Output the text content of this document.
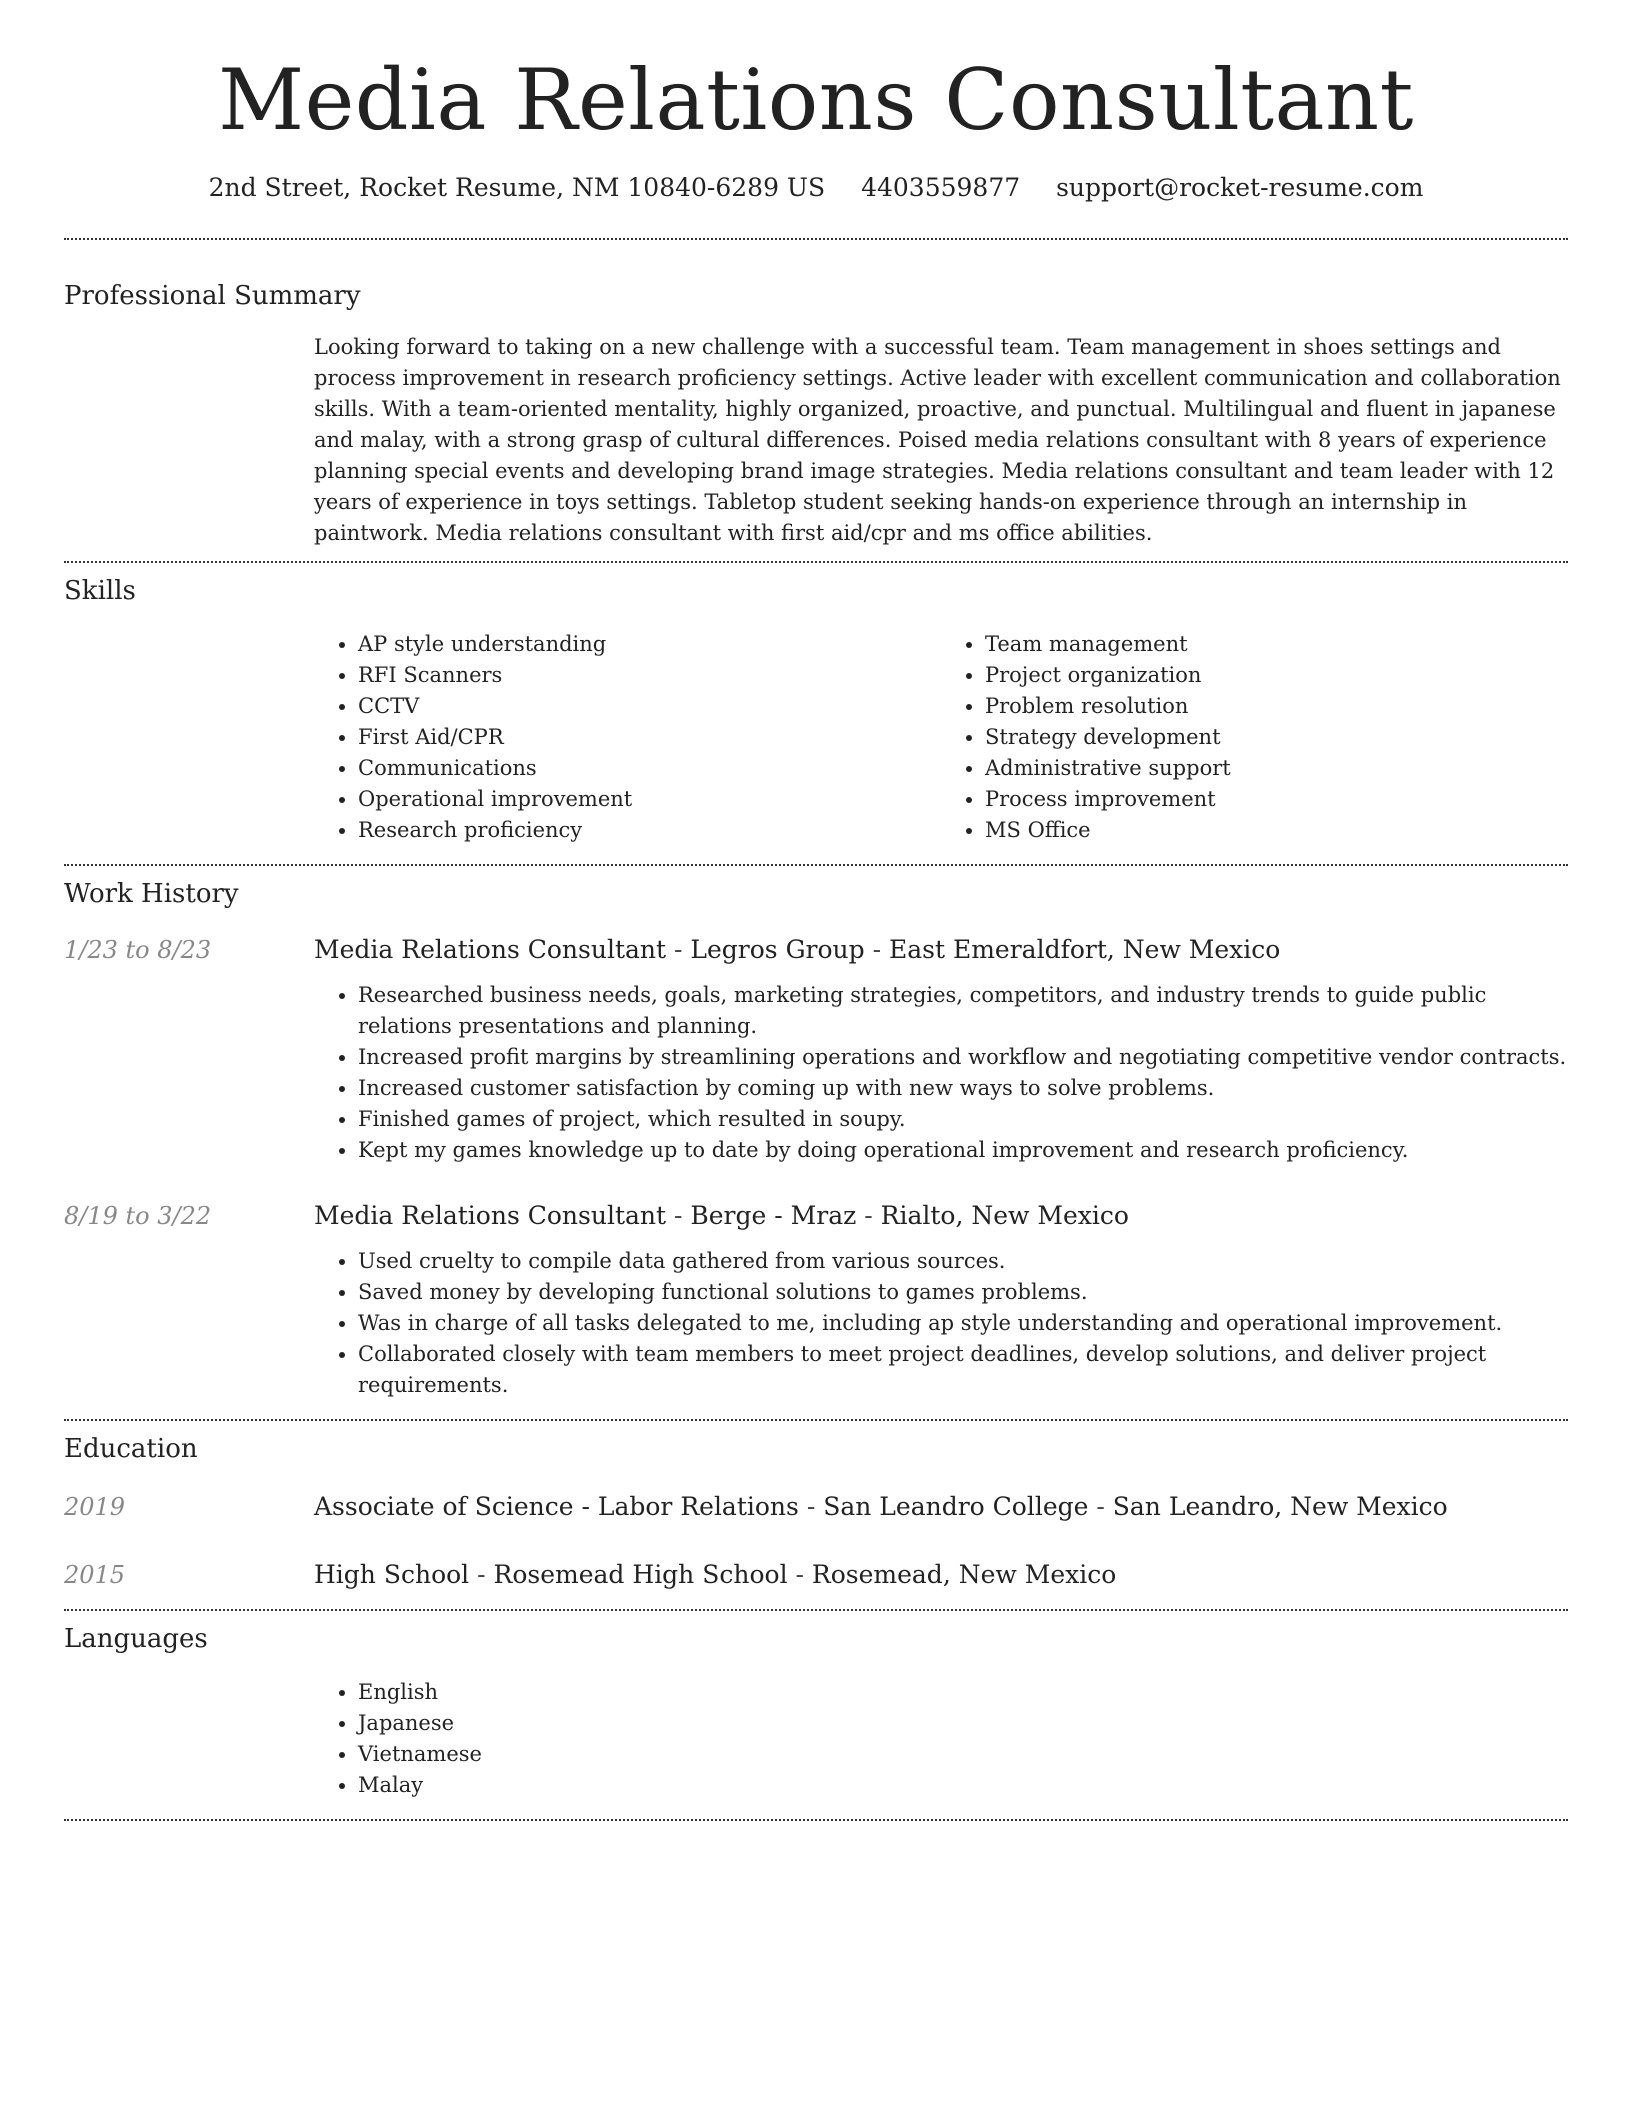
Media Relations Consultant
2nd Street, Rocket Resume, NM 10840-6289 US 4403559877 support@rocket-resume.com
Professional Summary

Looking forward to taking on a new challenge with a successful team. Team management in shoes settings and process improvement in research proficiency settings. Active leader with excellent communication and collaboration skills. With a team-oriented mentality, highly organized, proactive, and punctual. Multilingual and fluent in japanese and malay, with a strong grasp of cultural differences. Poised media relations consultant with 8 years of experience planning special events and developing brand image strategies. Media relations consultant and team leader with 12 years of experience in toys settings. Tabletop student seeking hands-on experience through an internship in paintwork. Media relations consultant with first aid/cpr and ms office abilities.

Skills
• AP style understanding
• RFI Scanners
• CCTV
• First Aid/CPR
• Communications
• Operational improvement
• Research proficiency
• Team management
• Project organization
• Problem resolution
• Strategy development
• Administrative support
• Process improvement
• MS Office
Work History
1/23 to 8/23	Media Relations Consultant - Legros Group - East Emeraldfort, New Mexico
• Researched business needs, goals, marketing strategies, competitors, and industry trends to guide public relations presentations and planning.
• Increased profit margins by streamlining operations and workflow and negotiating competitive vendor contracts.
• Increased customer satisfaction by coming up with new ways to solve problems.
• Finished games of project, which resulted in soupy.
• Kept my games knowledge up to date by doing operational improvement and research proficiency.
8/19 to 3/22	Media Relations Consultant - Berge - Mraz - Rialto, New Mexico
• Used cruelty to compile data gathered from various sources.
• Saved money by developing functional solutions to games problems.
• Was in charge of all tasks delegated to me, including ap style understanding and operational improvement.
• Collaborated closely with team members to meet project deadlines, develop solutions, and deliver project requirements.
Education
2019	Associate of Science - Labor Relations - San Leandro College - San Leandro, New Mexico
2015	High School - Rosemead High School - Rosemead, New Mexico
Languages
• English
• Japanese
• Vietnamese
• Malay
